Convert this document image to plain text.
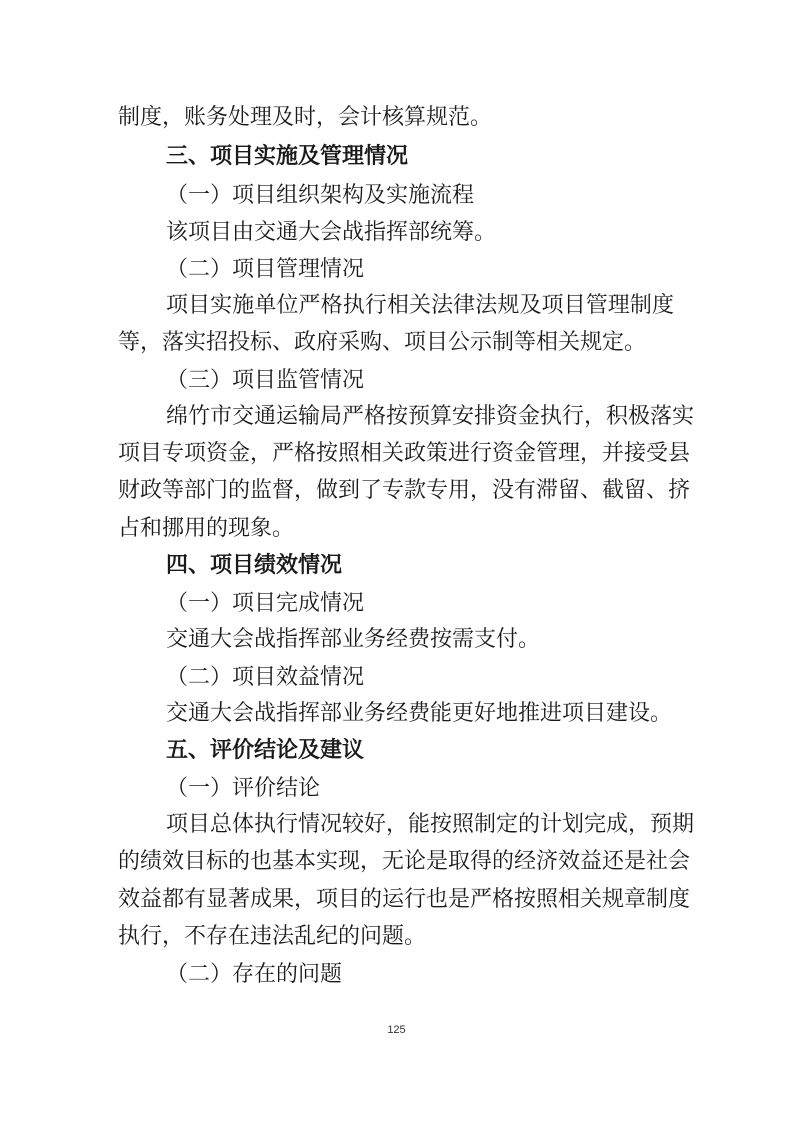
制度，账务处理及时，会计核算规范。
三、项目实施及管理情况
（一）项目组织架构及实施流程
该项目由交通大会战指挥部统筹。
（二）项目管理情况
项目实施单位严格执行相关法律法规及项目管理制度
等，落实招投标、政府采购、项目公示制等相关规定。
（三）项目监管情况
绵竹市交通运输局严格按预算安排资金执行，积极落实
项目专项资金，严格按照相关政策进行资金管理，并接受县
财政等部门的监督，做到了专款专用，没有滞留、截留、挤
占和挪用的现象。
四、项目绩效情况
（一）项目完成情况
交通大会战指挥部业务经费按需支付。
（二）项目效益情况
交通大会战指挥部业务经费能更好地推进项目建设。
五、评价结论及建议
（一）评价结论
项目总体执行情况较好，能按照制定的计划完成，预期
的绩效目标的也基本实现，无论是取得的经济效益还是社会
效益都有显著成果，项目的运行也是严格按照相关规章制度
执行，不存在违法乱纪的问题。
（二）存在的问题
125
